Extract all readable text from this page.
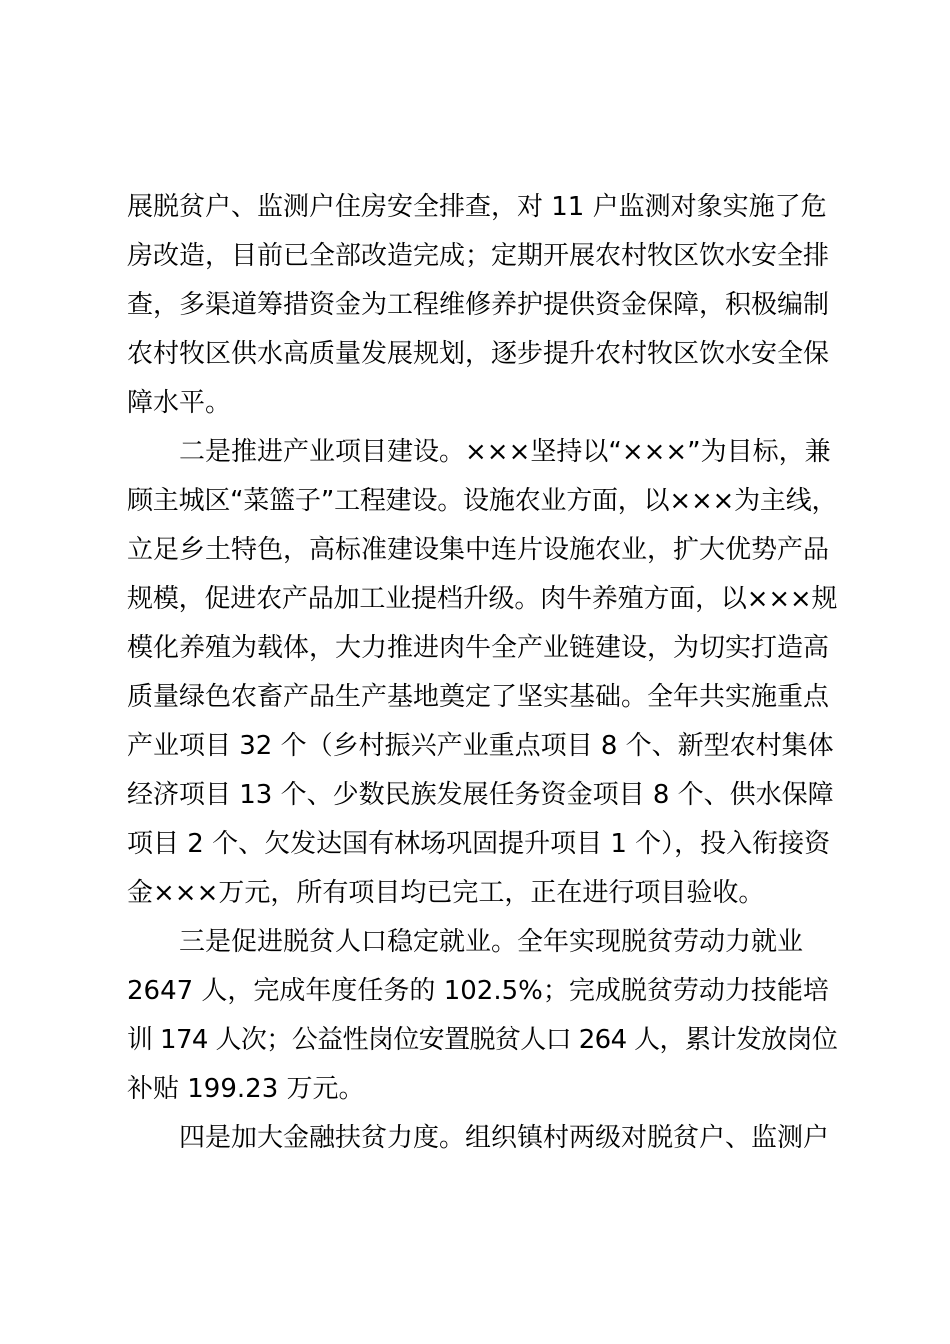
展脱贫户、监测户住房安全排查，对 11 户监测对象实施了危
房改造，目前已全部改造完成；定期开展农村牧区饮水安全排
查，多渠道筹措资金为工程维修养护提供资金保障，积极编制
农村牧区供水高质量发展规划，逐步提升农村牧区饮水安全保
障水平。
二是推进产业项目建设。×××坚持以“×××”为目标，兼
顾主城区“菜篮子”工程建设。设施农业方面，以×××为主线，
立足乡土特色，高标准建设集中连片设施农业，扩大优势产品
规模，促进农产品加工业提档升级。肉牛养殖方面，以×××规
模化养殖为载体，大力推进肉牛全产业链建设，为切实打造高
质量绿色农畜产品生产基地奠定了坚实基础。全年共实施重点
产业项目 32 个（乡村振兴产业重点项目 8 个、新型农村集体
经济项目 13 个、少数民族发展任务资金项目 8 个、供水保障
项目 2 个、欠发达国有林场巩固提升项目 1 个），投入衔接资
金×××万元，所有项目均已完工，正在进行项目验收。
三是促进脱贫人口稳定就业。全年实现脱贫劳动力就业
2647 人，完成年度任务的 102.5%；完成脱贫劳动力技能培
训 174 人次；公益性岗位安置脱贫人口 264 人，累计发放岗位
补贴 199.23 万元。
四是加大金融扶贫力度。组织镇村两级对脱贫户、监测户
